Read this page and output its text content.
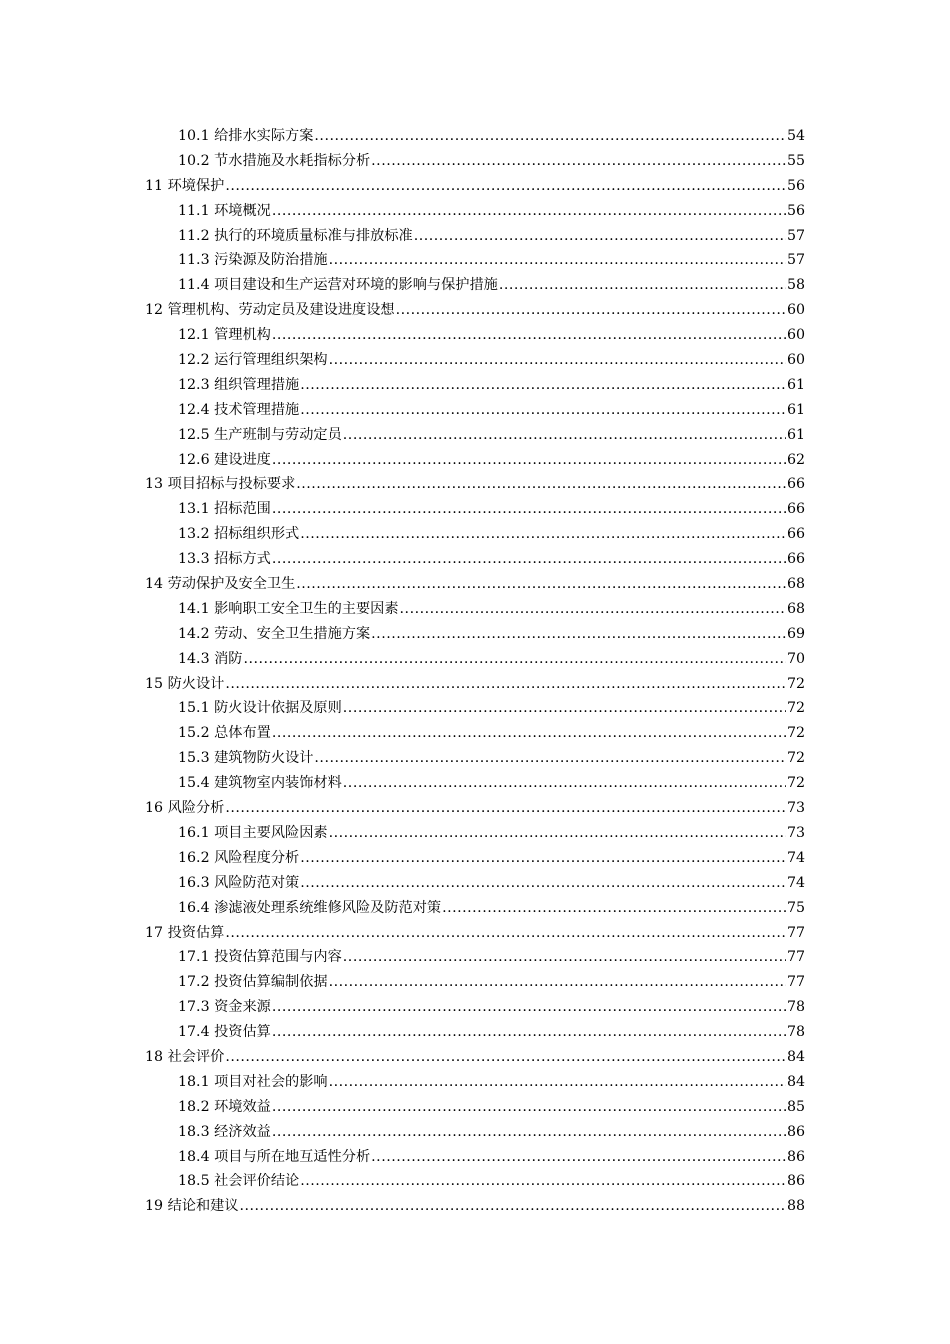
10.1 给排水实际方案 .....	54
10.2 节水措施及水耗指标分析 .....	55
11 环境保护 .....	56
11.1 环境概况 .....	56
11.2 执行的环境质量标准与排放标准 .....	57
11.3 污染源及防治措施 .....	57
11.4 项目建设和生产运营对环境的影响与保护措施 .....	58
12 管理机构、劳动定员及建设进度设想 .....	60
12.1 管理机构 .....	60
12.2 运行管理组织架构 .....	60
12.3 组织管理措施 .....	61
12.4 技术管理措施 .....	61
12.5 生产班制与劳动定员 .....	61
12.6 建设进度 .....	62
13 项目招标与投标要求 .....	66
13.1 招标范围 .....	66
13.2 招标组织形式 .....	66
13.3 招标方式 .....	66
14 劳动保护及安全卫生 .....	68
14.1 影响职工安全卫生的主要因素 .....	68
14.2 劳动、安全卫生措施方案 .....	69
14.3 消防 .....	70
15 防火设计 .....	72
15.1 防火设计依据及原则 .....	72
15.2 总体布置 .....	72
15.3 建筑物防火设计 .....	72
15.4 建筑物室内装饰材料 .....	72
16 风险分析 .....	73
16.1 项目主要风险因素 .....	73
16.2 风险程度分析 .....	74
16.3 风险防范对策 .....	74
16.4 渗滤液处理系统维修风险及防范对策 .....	75
17 投资估算 .....	77
17.1 投资估算范围与内容 .....	77
17.2 投资估算编制依据 .....	77
17.3 资金来源 .....	78
17.4 投资估算 .....	78
18 社会评价 .....	84
18.1 项目对社会的影响 .....	84
18.2 环境效益 .....	85
18.3 经济效益 .....	86
18.4 项目与所在地互适性分析 .....	86
18.5 社会评价结论 .....	86
19 结论和建议 .....	88
